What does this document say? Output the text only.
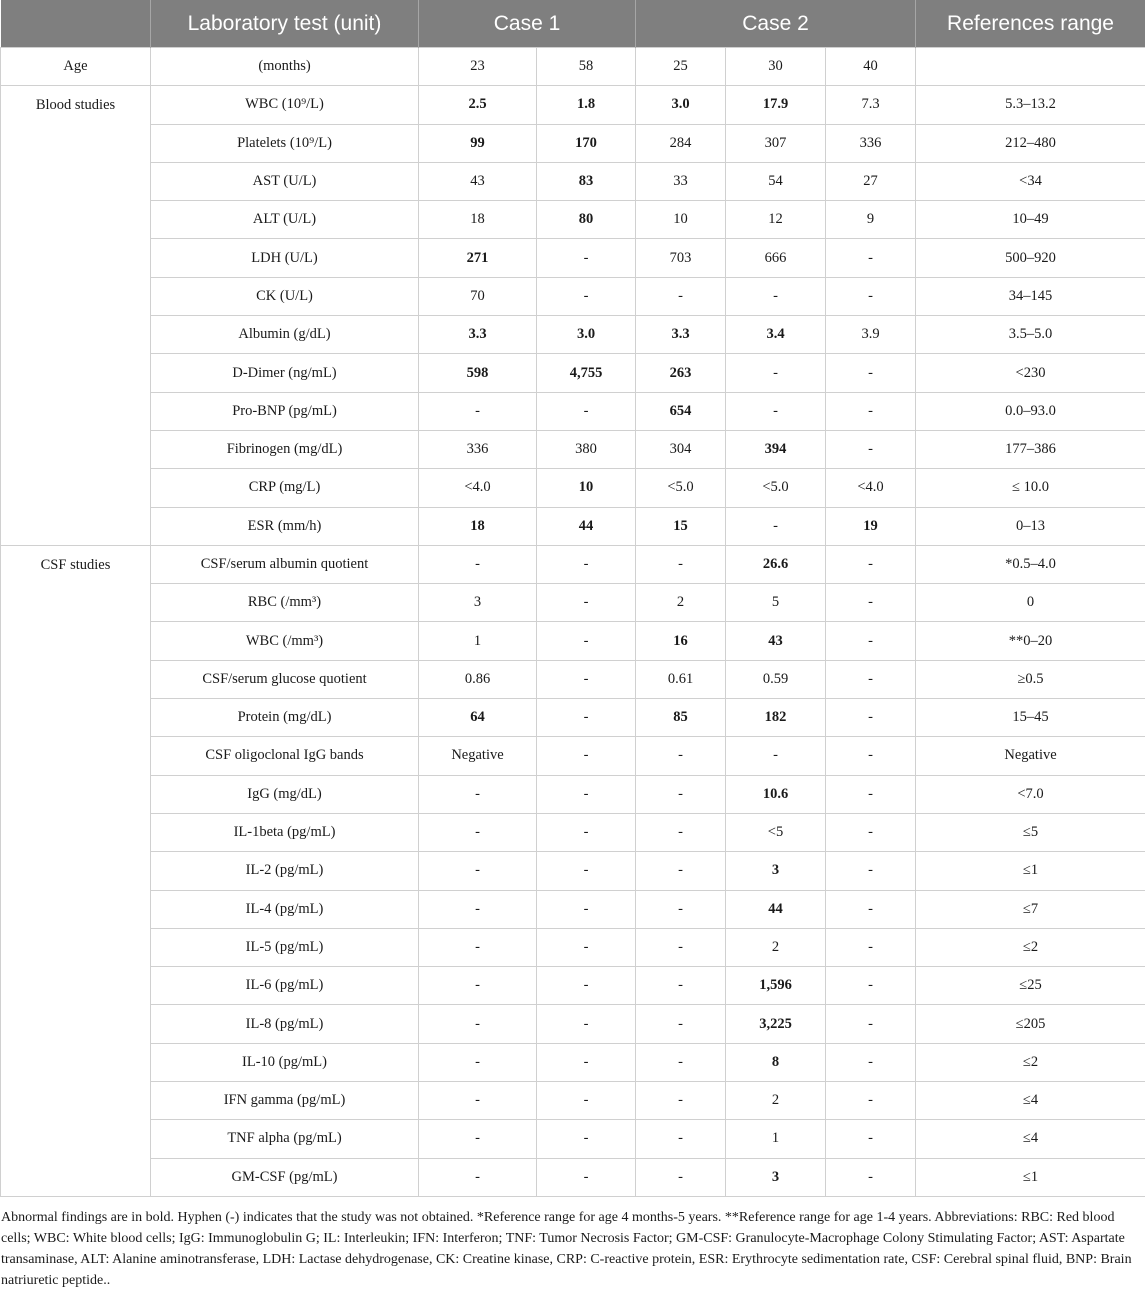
	Laboratory test (unit)	Case 1		Case 2			References range
Age	(months)	23	58	25	30	40	
Blood studies	WBC (10⁹/L)	2.5	1.8	3.0	17.9	7.3	5.3–13.2
	Platelets (10⁹/L)	99	170	284	307	336	212–480
	AST (U/L)	43	83	33	54	27	<34
	ALT (U/L)	18	80	10	12	9	10–49
	LDH (U/L)	271	-	703	666	-	500–920
	CK (U/L)	70	-	-	-	-	34–145
	Albumin (g/dL)	3.3	3.0	3.3	3.4	3.9	3.5–5.0
	D-Dimer (ng/mL)	598	4,755	263	-	-	<230
	Pro-BNP (pg/mL)	-	-	654	-	-	0.0–93.0
	Fibrinogen (mg/dL)	336	380	304	394	-	177–386
	CRP (mg/L)	<4.0	10	<5.0	<5.0	<4.0	≤ 10.0
	ESR (mm/h)	18	44	15	-	19	0–13
CSF studies	CSF/serum albumin quotient	-	-	-	26.6	-	*0.5–4.0
	RBC (/mm³)	3	-	2	5	-	0
	WBC (/mm³)	1	-	16	43	-	**0–20
	CSF/serum glucose quotient	0.86	-	0.61	0.59	-	≥0.5
	Protein (mg/dL)	64	-	85	182	-	15–45
	CSF oligoclonal IgG bands	Negative	-	-	-	-	Negative
	IgG (mg/dL)	-	-	-	10.6	-	<7.0
	IL-1beta (pg/mL)	-	-	-	<5	-	≤5
	IL-2 (pg/mL)	-	-	-	3	-	≤1
	IL-4 (pg/mL)	-	-	-	44	-	≤7
	IL-5 (pg/mL)	-	-	-	2	-	≤2
	IL-6 (pg/mL)	-	-	-	1,596	-	≤25
	IL-8 (pg/mL)	-	-	-	3,225	-	≤205
	IL-10 (pg/mL)	-	-	-	8	-	≤2
	IFN gamma (pg/mL)	-	-	-	2	-	≤4
	TNF alpha (pg/mL)	-	-	-	1	-	≤4
	GM-CSF (pg/mL)	-	-	-	3	-	≤1
Abnormal findings are in bold. Hyphen (-) indicates that the study was not obtained. *Reference range for age 4 months-5 years. **Reference range for age 1-4 years. Abbreviations: RBC: Red blood cells; WBC: White blood cells; IgG: Immunoglobulin G; IL: Interleukin; IFN: Interferon; TNF: Tumor Necrosis Factor; GM-CSF: Granulocyte-Macrophage Colony Stimulating Factor; AST: Aspartate transaminase, ALT: Alanine aminotransferase, LDH: Lactase dehydrogenase, CK: Creatine kinase, CRP: C-reactive protein, ESR: Erythrocyte sedimentation rate, CSF: Cerebral spinal fluid, BNP: Brain natriuretic peptide..
